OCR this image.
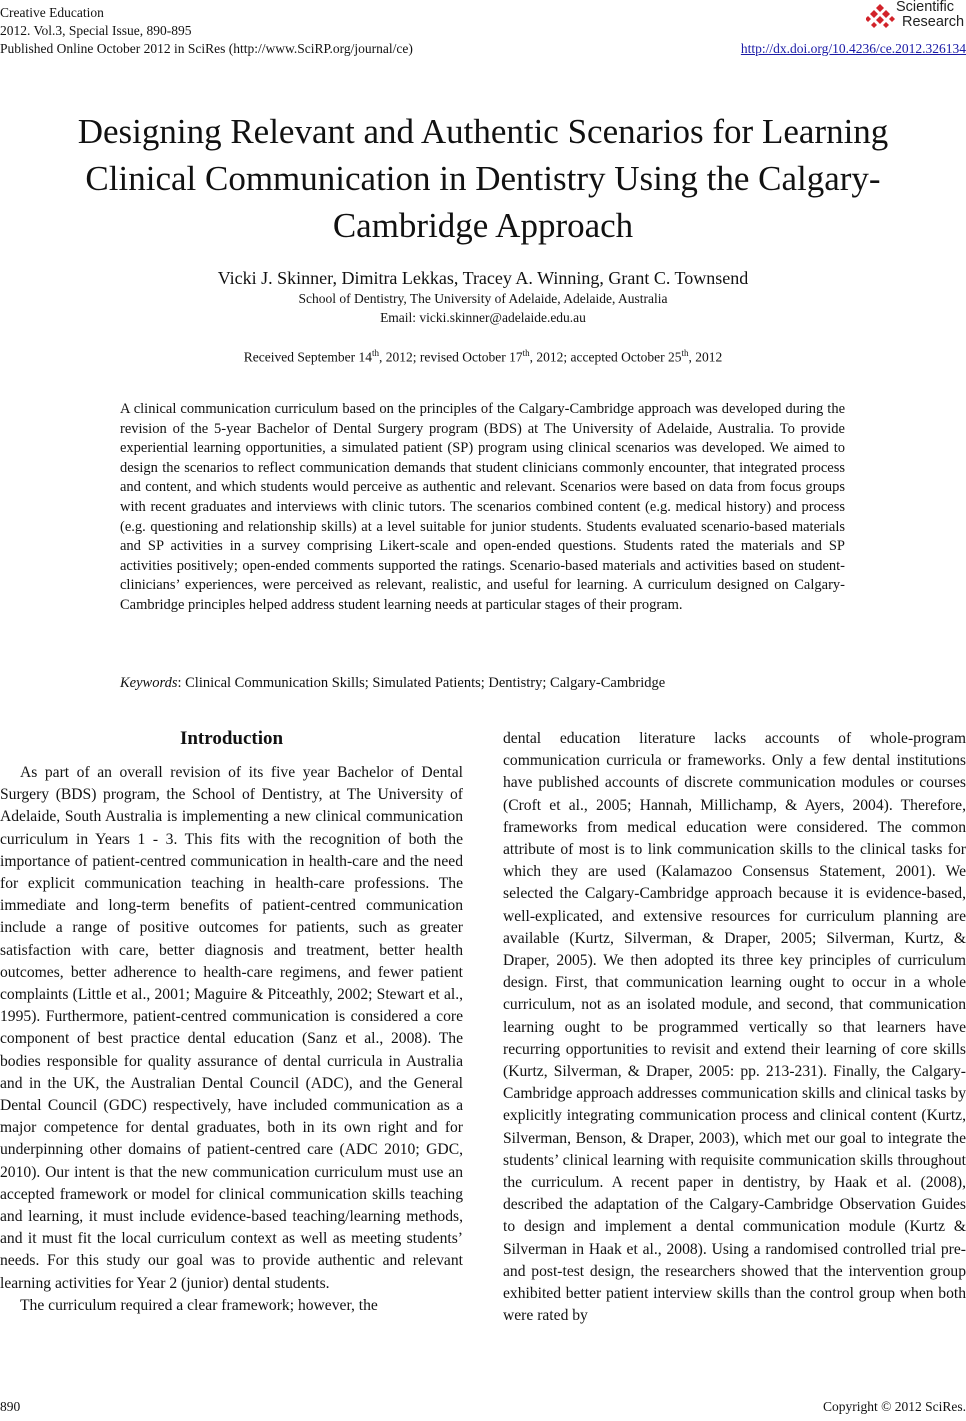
Creative Education
2012. Vol.3, Special Issue, 890-895
Published Online October 2012 in SciRes (http://www.SciRP.org/journal/ce)	http://dx.doi.org/10.4236/ce.2012.326134
Scientific
Research
Designing Relevant and Authentic Scenarios for Learning Clinical Communication in Dentistry Using the Calgary-Cambridge Approach
Vicki J. Skinner, Dimitra Lekkas, Tracey A. Winning, Grant C. Townsend
School of Dentistry, The University of Adelaide, Adelaide, Australia
Email: vicki.skinner@adelaide.edu.au
Received September 14th, 2012; revised October 17th, 2012; accepted October 25th, 2012

A clinical communication curriculum based on the principles of the Calgary-Cambridge approach was developed during the revision of the 5-year Bachelor of Dental Surgery program (BDS) at The University of Adelaide, Australia. To provide experiential learning opportunities, a simulated patient (SP) program using clinical scenarios was developed. We aimed to design the scenarios to reflect communication demands that student clinicians commonly encounter, that integrated process and content, and which students would perceive as authentic and relevant. Scenarios were based on data from focus groups with recent graduates and interviews with clinic tutors. The scenarios combined content (e.g. medical history) and process (e.g. questioning and relationship skills) at a level suitable for junior students. Students evaluated scenario-based materials and SP activities in a survey comprising Likert-scale and open-ended questions. Students rated the materials and SP activities positively; open-ended comments supported the ratings. Scenario-based materials and activities based on student-clinicians’ experiences, were perceived as relevant, realistic, and useful for learning. A curriculum designed on Calgary-Cambridge principles helped address student learning needs at particular stages of their program.

Keywords: Clinical Communication Skills; Simulated Patients; Dentistry; Calgary-Cambridge
Introduction

As part of an overall revision of its five year Bachelor of Dental Surgery (BDS) program, the School of Dentistry, at The University of Adelaide, South Australia is implementing a new clinical communication curriculum in Years 1 - 3. This fits with the recognition of both the importance of patient-centred communication in health-care and the need for explicit communication teaching in health-care professions. The immediate and long-term benefits of patient-centred communication include a range of positive outcomes for patients, such as greater satisfaction with care, better diagnosis and treatment, better health outcomes, better adherence to health-care regimens, and fewer patient complaints (Little et al., 2001; Maguire & Pitceathly, 2002; Stewart et al., 1995). Furthermore, patient-centred communication is considered a core component of best practice dental education (Sanz et al., 2008). The bodies responsible for quality assurance of dental curricula in Australia and in the UK, the Australian Dental Council (ADC), and the General Dental Council (GDC) respectively, have included communication as a major competence for dental graduates, both in its own right and for underpinning other domains of patient-centred care (ADC 2010; GDC, 2010). Our intent is that the new communication curriculum must use an accepted framework or model for clinical communication skills teaching and learning, it must include evidence-based teaching/learning methods, and it must fit the local curriculum context as well as meeting students’ needs. For this study our goal was to provide authentic and relevant learning activities for Year 2 (junior) dental students.

The curriculum required a clear framework; however, the

dental education literature lacks accounts of whole-program communication curricula or frameworks. Only a few dental institutions have published accounts of discrete communication modules or courses (Croft et al., 2005; Hannah, Millichamp, & Ayers, 2004). Therefore, frameworks from medical education were considered. The common attribute of most is to link communication skills to the clinical tasks for which they are used (Kalamazoo Consensus Statement, 2001). We selected the Calgary-Cambridge approach because it is evidence-based, well-explicated, and extensive resources for curriculum planning are available (Kurtz, Silverman, & Draper, 2005; Silverman, Kurtz, & Draper, 2005). We then adopted its three key principles of curriculum design. First, that communication learning ought to occur in a whole curriculum, not as an isolated module, and second, that communication learning ought to be programmed vertically so that learners have recurring opportunities to revisit and extend their learning of core skills (Kurtz, Silverman, & Draper, 2005: pp. 213-231). Finally, the Calgary-Cambridge approach addresses communication skills and clinical tasks by explicitly integrating communication process and clinical content (Kurtz, Silverman, Benson, & Draper, 2003), which met our goal to integrate the students’ clinical learning with requisite communication skills throughout the curriculum. A recent paper in dentistry, by Haak et al. (2008), described the adaptation of the Calgary-Cambridge Observation Guides to design and implement a dental communication module (Kurtz & Silverman in Haak et al., 2008). Using a randomised controlled trial pre- and post-test design, the researchers showed that the intervention group exhibited better patient interview skills than the control group when both were rated by

890	Copyright © 2012 SciRes.
